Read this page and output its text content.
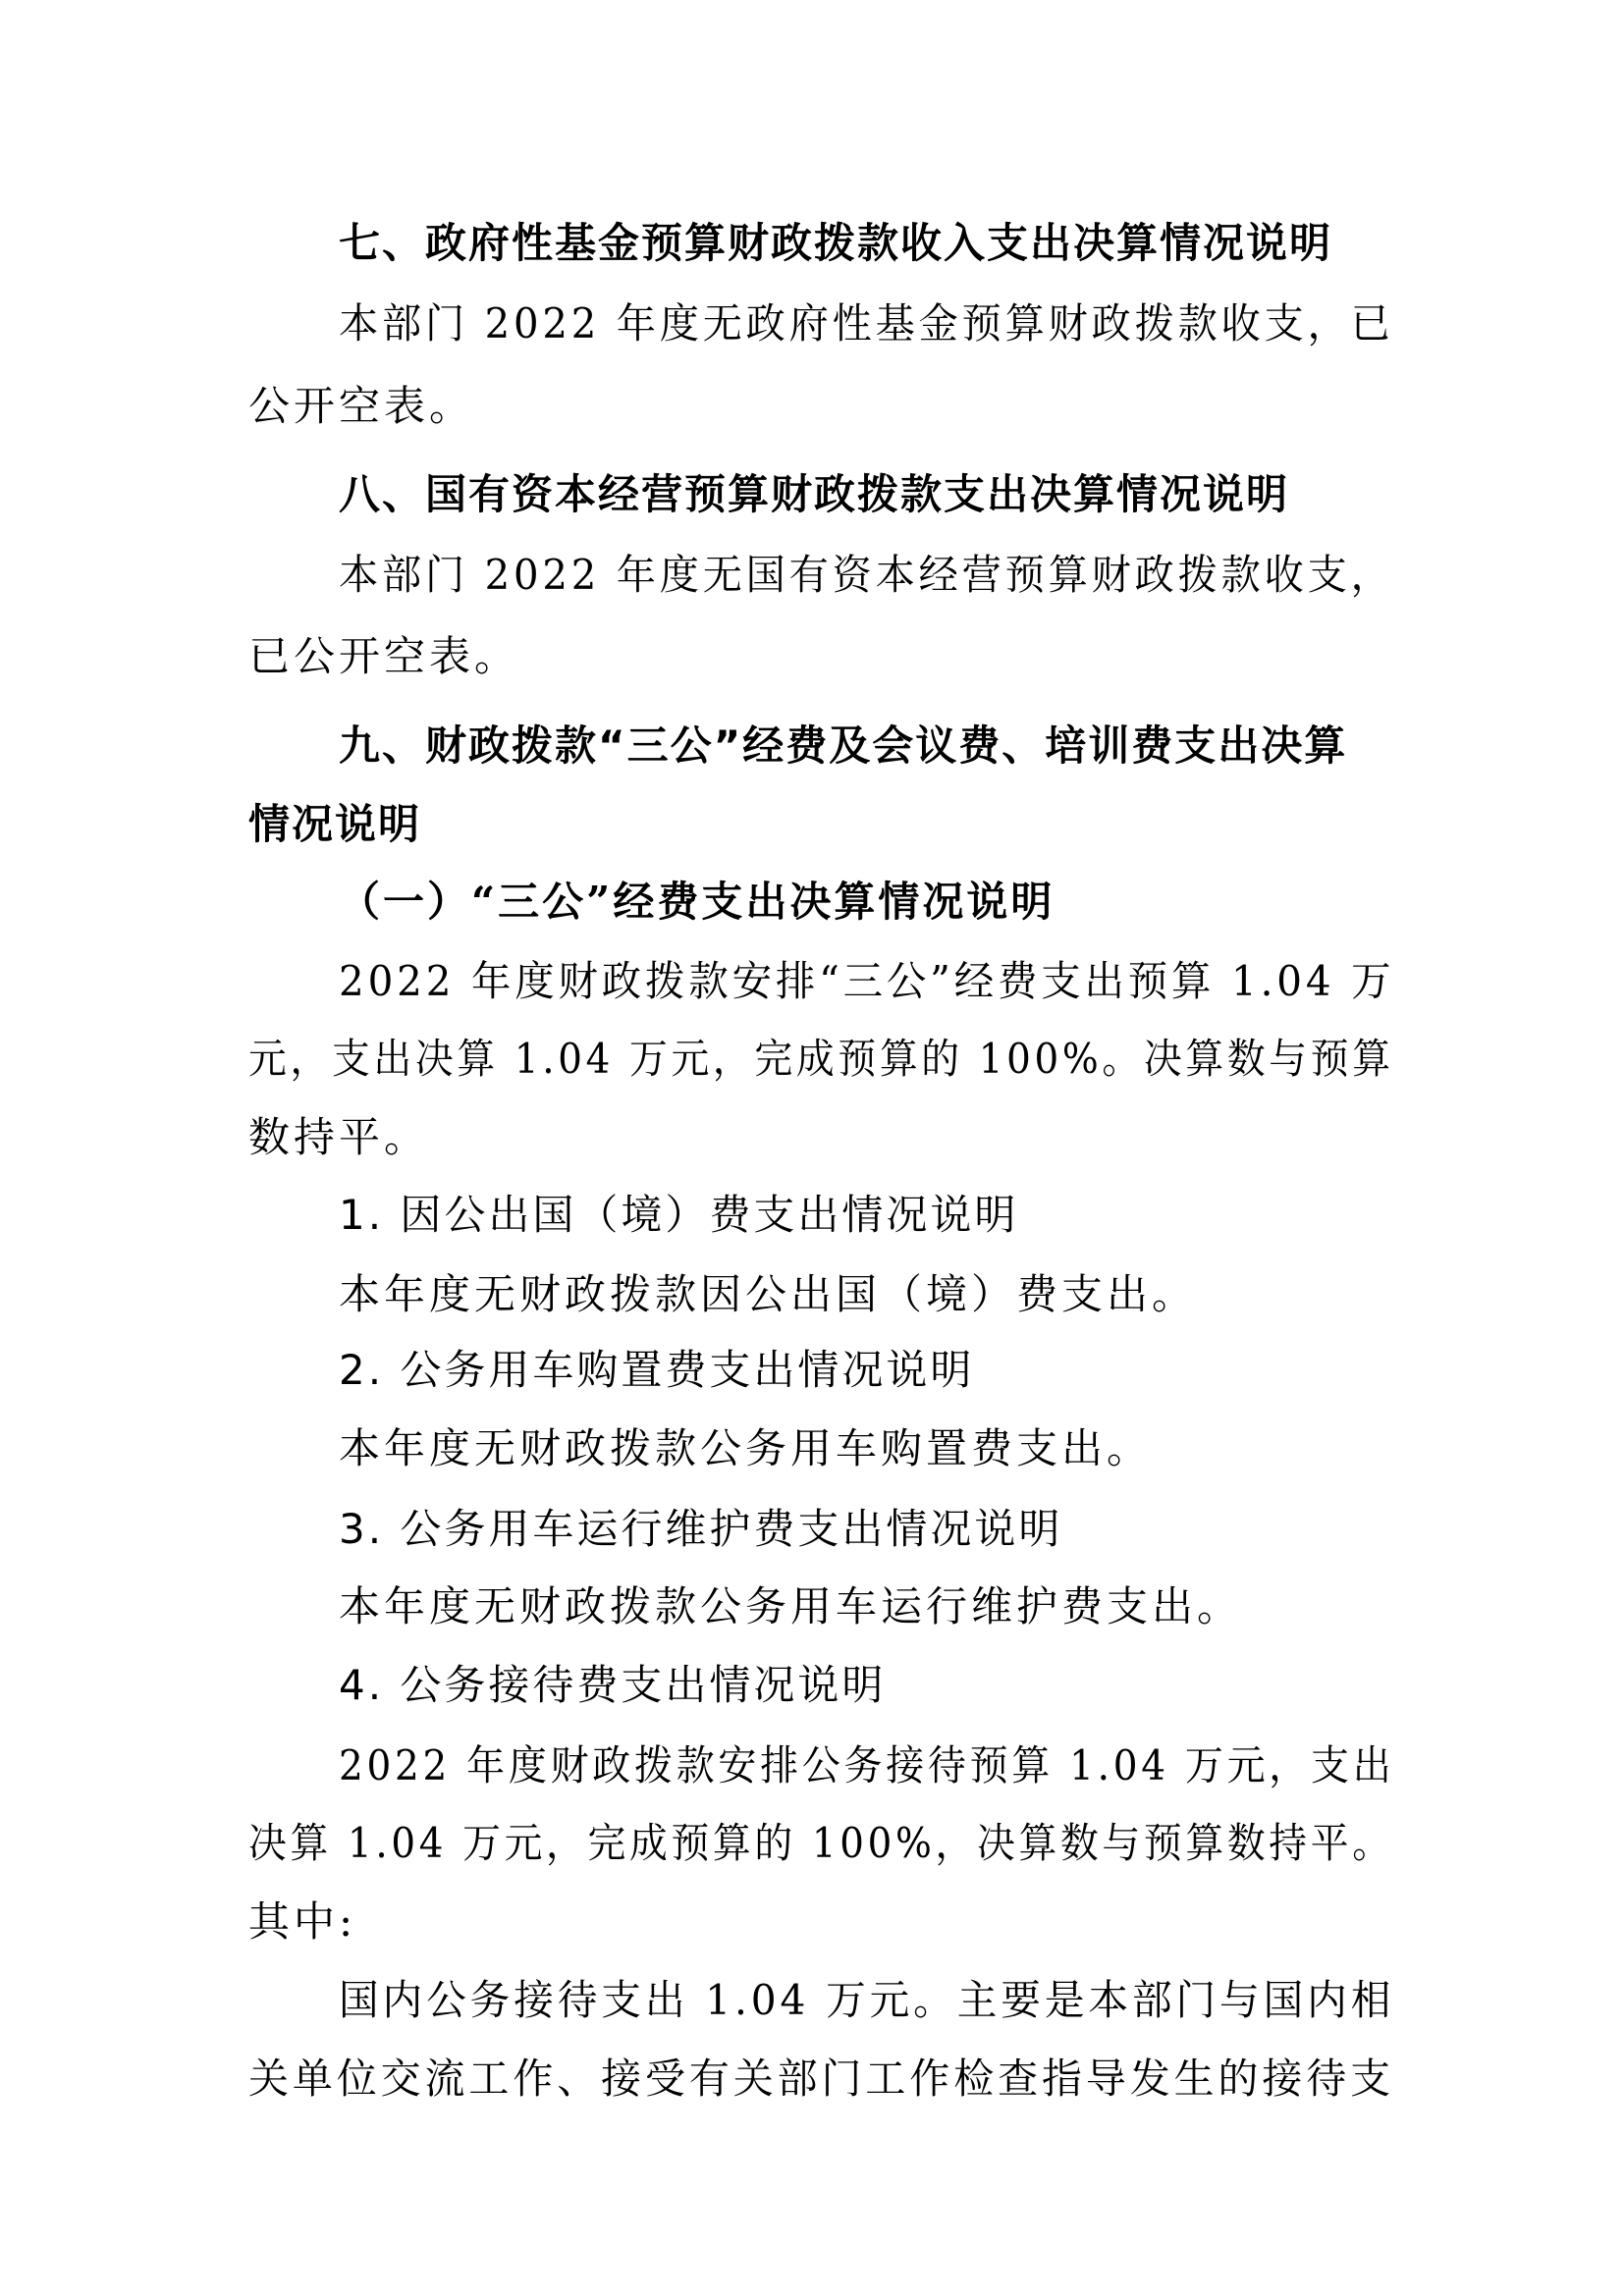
七、政府性基金预算财政拨款收入支出决算情况说明
本部门 2022 年度无政府性基金预算财政拨款收支，已
公开空表。
八、国有资本经营预算财政拨款支出决算情况说明
本部门 2022 年度无国有资本经营预算财政拨款收支，
已公开空表。
九、财政拨款“三公”经费及会议费、培训费支出决算
情况说明
（一）“三公”经费支出决算情况说明
2022 年度财政拨款安排“三公”经费支出预算 1.04 万
元，支出决算 1.04 万元，完成预算的 100%。决算数与预算
数持平。
1. 因公出国（境）费支出情况说明
本年度无财政拨款因公出国（境）费支出。
2. 公务用车购置费支出情况说明
本年度无财政拨款公务用车购置费支出。
3. 公务用车运行维护费支出情况说明
本年度无财政拨款公务用车运行维护费支出。
4. 公务接待费支出情况说明
2022 年度财政拨款安排公务接待预算 1.04 万元，支出
决算 1.04 万元，完成预算的 100%，决算数与预算数持平。
其中:
国内公务接待支出 1.04 万元。主要是本部门与国内相
关单位交流工作、接受有关部门工作检查指导发生的接待支
